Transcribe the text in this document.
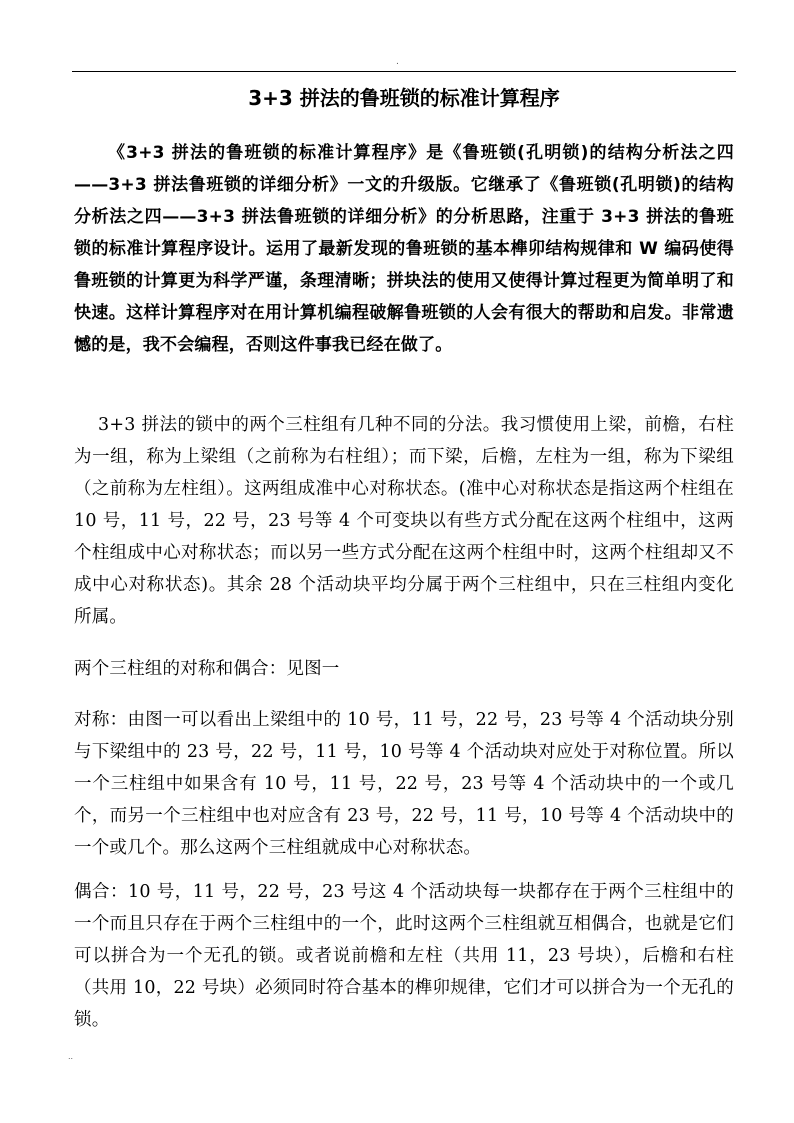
.
3+3 拼法的鲁班锁的标准计算程序

《3+3 拼法的鲁班锁的标准计算程序》是《鲁班锁(孔明锁)的结构分析法之四——3+3 拼法鲁班锁的详细分析》一文的升级版。它继承了《鲁班锁(孔明锁)的结构分析法之四——3+3 拼法鲁班锁的详细分析》的分析思路，注重于 3+3 拼法的鲁班锁的标准计算程序设计。运用了最新发现的鲁班锁的基本榫卯结构规律和 W 编码使得鲁班锁的计算更为科学严谨，条理清晰；拼块法的使用又使得计算过程更为简单明了和快速。这样计算程序对在用计算机编程破解鲁班锁的人会有很大的帮助和启发。非常遗憾的是，我不会编程，否则这件事我已经在做了。

3+3 拼法的锁中的两个三柱组有几种不同的分法。我习惯使用上梁，前檐，右柱为一组，称为上梁组（之前称为右柱组）；而下梁，后檐，左柱为一组，称为下梁组（之前称为左柱组）。这两组成准中心对称状态。(准中心对称状态是指这两个柱组在 10 号，11 号，22 号，23 号等 4 个可变块以有些方式分配在这两个柱组中，这两个柱组成中心对称状态；而以另一些方式分配在这两个柱组中时，这两个柱组却又不成中心对称状态)。其余 28 个活动块平均分属于两个三柱组中，只在三柱组内变化所属。

两个三柱组的对称和偶合：见图一

对称：由图一可以看出上梁组中的 10 号，11 号，22 号，23 号等 4 个活动块分别与下梁组中的 23 号，22 号，11 号，10 号等 4 个活动块对应处于对称位置。所以一个三柱组中如果含有 10 号，11 号，22 号，23 号等 4 个活动块中的一个或几个，而另一个三柱组中也对应含有 23 号，22 号，11 号，10 号等 4 个活动块中的一个或几个。那么这两个三柱组就成中心对称状态。

偶合：10 号，11 号，22 号，23 号这 4 个活动块每一块都存在于两个三柱组中的一个而且只存在于两个三柱组中的一个，此时这两个三柱组就互相偶合，也就是它们可以拼合为一个无孔的锁。或者说前檐和左柱（共用 11，23 号块），后檐和右柱（共用 10，22 号块）必须同时符合基本的榫卯规律，它们才可以拼合为一个无孔的锁。

..
